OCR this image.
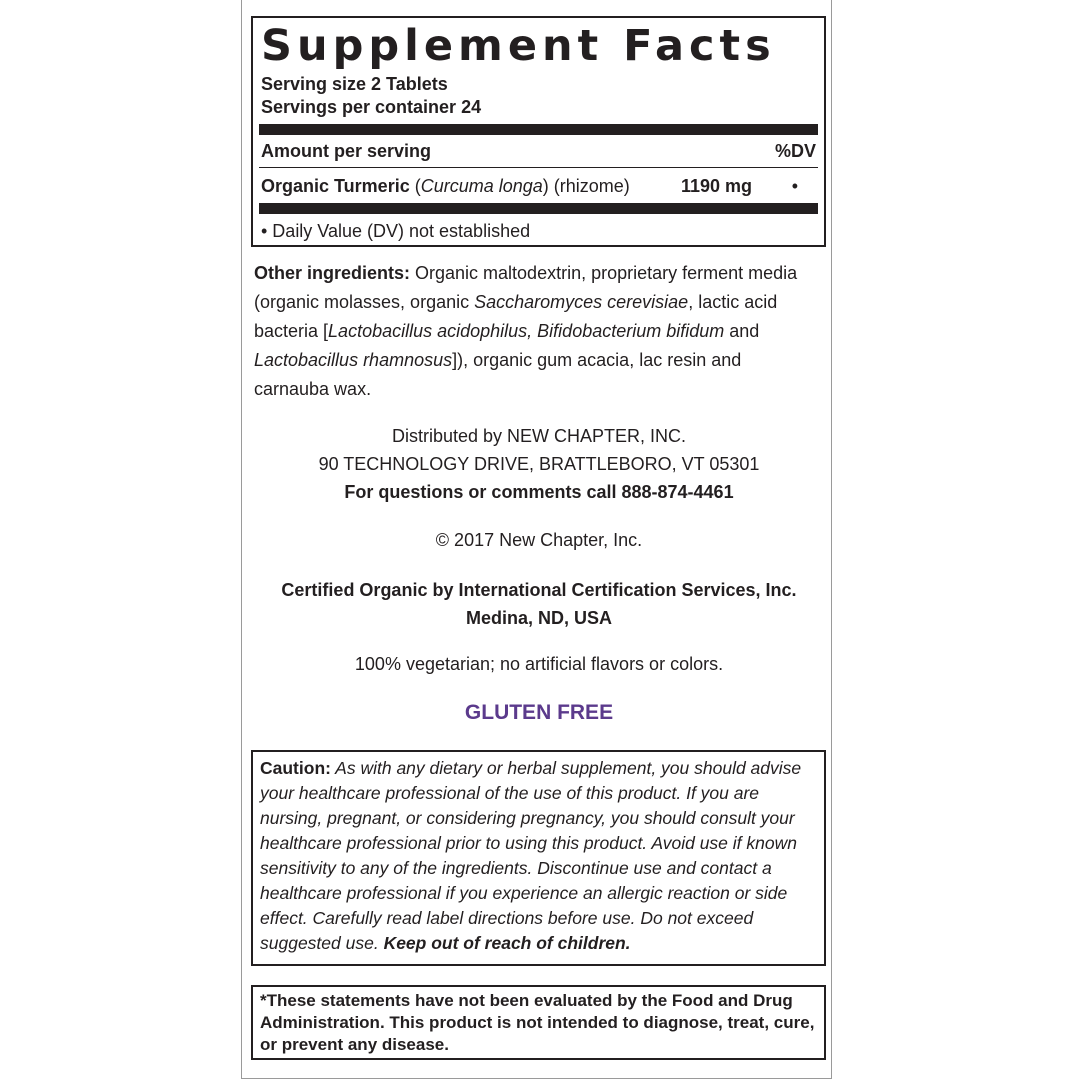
Supplement Facts
Serving size 2 Tablets
Servings per container 24
Amount per serving	%DV
Organic Turmeric (Curcuma longa) (rhizome)	1190 mg •
• Daily Value (DV) not established
Other ingredients: Organic maltodextrin, proprietary ferment media (organic molasses, organic Saccharomyces cerevisiae, lactic acid bacteria [Lactobacillus acidophilus, Bifidobacterium bifidum and Lactobacillus rhamnosus]), organic gum acacia, lac resin and carnauba wax.
Distributed by NEW CHAPTER, INC.
90 TECHNOLOGY DRIVE, BRATTLEBORO, VT 05301
For questions or comments call 888-874-4461
© 2017 New Chapter, Inc.
Certified Organic by International Certification Services, Inc.
Medina, ND, USA
100% vegetarian; no artificial flavors or colors.
GLUTEN FREE
Caution: As with any dietary or herbal supplement, you should advise your healthcare professional of the use of this product. If you are nursing, pregnant, or considering pregnancy, you should consult your healthcare professional prior to using this product. Avoid use if known sensitivity to any of the ingredients. Discontinue use and contact a healthcare professional if you experience an allergic reaction or side effect. Carefully read label directions before use. Do not exceed suggested use. Keep out of reach of children.
*These statements have not been evaluated by the Food and Drug Administration. This product is not intended to diagnose, treat, cure, or prevent any disease.
